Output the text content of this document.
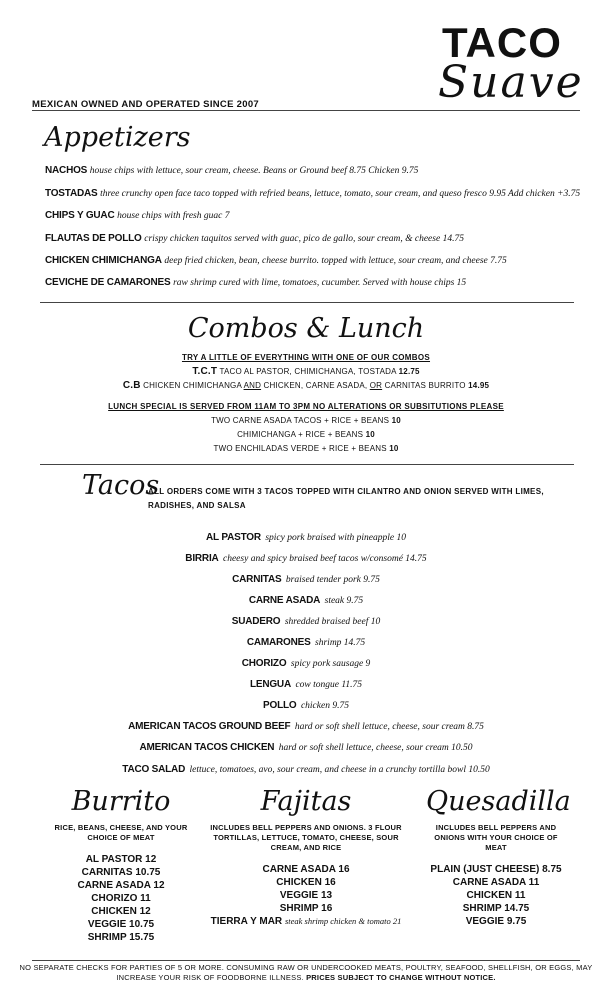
TACO
Suave
MEXICAN OWNED AND OPERATED SINCE 2007
Appetizers
NACHOS house chips with lettuce, sour cream, cheese. Beans or Ground beef 8.75 Chicken 9.75
TOSTADAS three crunchy open face taco topped with refried beans, lettuce, tomato, sour cream, and queso fresco 9.95 Add chicken +3.75
CHIPS Y GUAC house chips with fresh guac 7
FLAUTAS DE POLLO crispy chicken taquitos served with guac, pico de gallo, sour cream, & cheese 14.75
CHICKEN CHIMICHANGA deep fried chicken, bean, cheese burrito. topped with lettuce, sour cream, and cheese 7.75
CEVICHE DE CAMARONES raw shrimp cured with lime, tomatoes, cucumber. Served with house chips 15
Combos & Lunch
TRY A LITTLE OF EVERYTHING WITH ONE OF OUR COMBOS
T.C.T TACO AL PASTOR, CHIMICHANGA, TOSTADA 12.75
C.B CHICKEN CHIMICHANGA AND CHICKEN, CARNE ASADA, OR CARNITAS BURRITO 14.95
LUNCH SPECIAL IS SERVED FROM 11AM TO 3PM NO ALTERATIONS OR SUBSITUTIONS PLEASE
TWO CARNE ASADA TACOS + RICE + BEANS 10
CHIMICHANGA + RICE + BEANS 10
TWO ENCHILADAS VERDE + RICE + BEANS 10
Tacos
ALL ORDERS COME WITH 3 TACOS TOPPED WITH CILANTRO AND ONION SERVED WITH LIMES, RADISHES, AND SALSA
AL PASTOR spicy pork braised with pineapple 10
BIRRIA cheesy and spicy braised beef tacos w/consomé 14.75
CARNITAS braised tender pork 9.75
CARNE ASADA steak 9.75
SUADERO shredded braised beef 10
CAMARONES shrimp 14.75
CHORIZO spicy pork sausage 9
LENGUA cow tongue 11.75
POLLO chicken 9.75
AMERICAN TACOS GROUND BEEF hard or soft shell lettuce, cheese, sour cream 8.75
AMERICAN TACOS CHICKEN hard or soft shell lettuce, cheese, sour cream 10.50
TACO SALAD lettuce, tomatoes, avo, sour cream, and cheese in a crunchy tortilla bowl 10.50
Burrito
RICE, BEANS, CHEESE, AND YOUR CHOICE OF MEAT
AL PASTOR 12
CARNITAS 10.75
CARNE ASADA 12
CHORIZO 11
CHICKEN 12
VEGGIE 10.75
SHRIMP 15.75
Fajitas
INCLUDES BELL PEPPERS AND ONIONS. 3 FLOUR TORTILLAS, LETTUCE, TOMATO, CHEESE, SOUR CREAM, AND RICE
CARNE ASADA 16
CHICKEN 16
VEGGIE 13
SHRIMP 16
TIERRA Y MAR steak shrimp chicken & tomato 21
Quesadilla
INCLUDES BELL PEPPERS AND ONIONS WITH YOUR CHOICE OF MEAT
PLAIN (JUST CHEESE) 8.75
CARNE ASADA 11
CHICKEN 11
SHRIMP 14.75
VEGGIE 9.75
NO SEPARATE CHECKS FOR PARTIES OF 5 OR MORE. CONSUMING RAW OR UNDERCOOKED MEATS, POULTRY, SEAFOOD, SHELLFISH, OR EGGS, MAY INCREASE YOUR RISK OF FOODBORNE ILLNESS. PRICES SUBJECT TO CHANGE WITHOUT NOTICE.
